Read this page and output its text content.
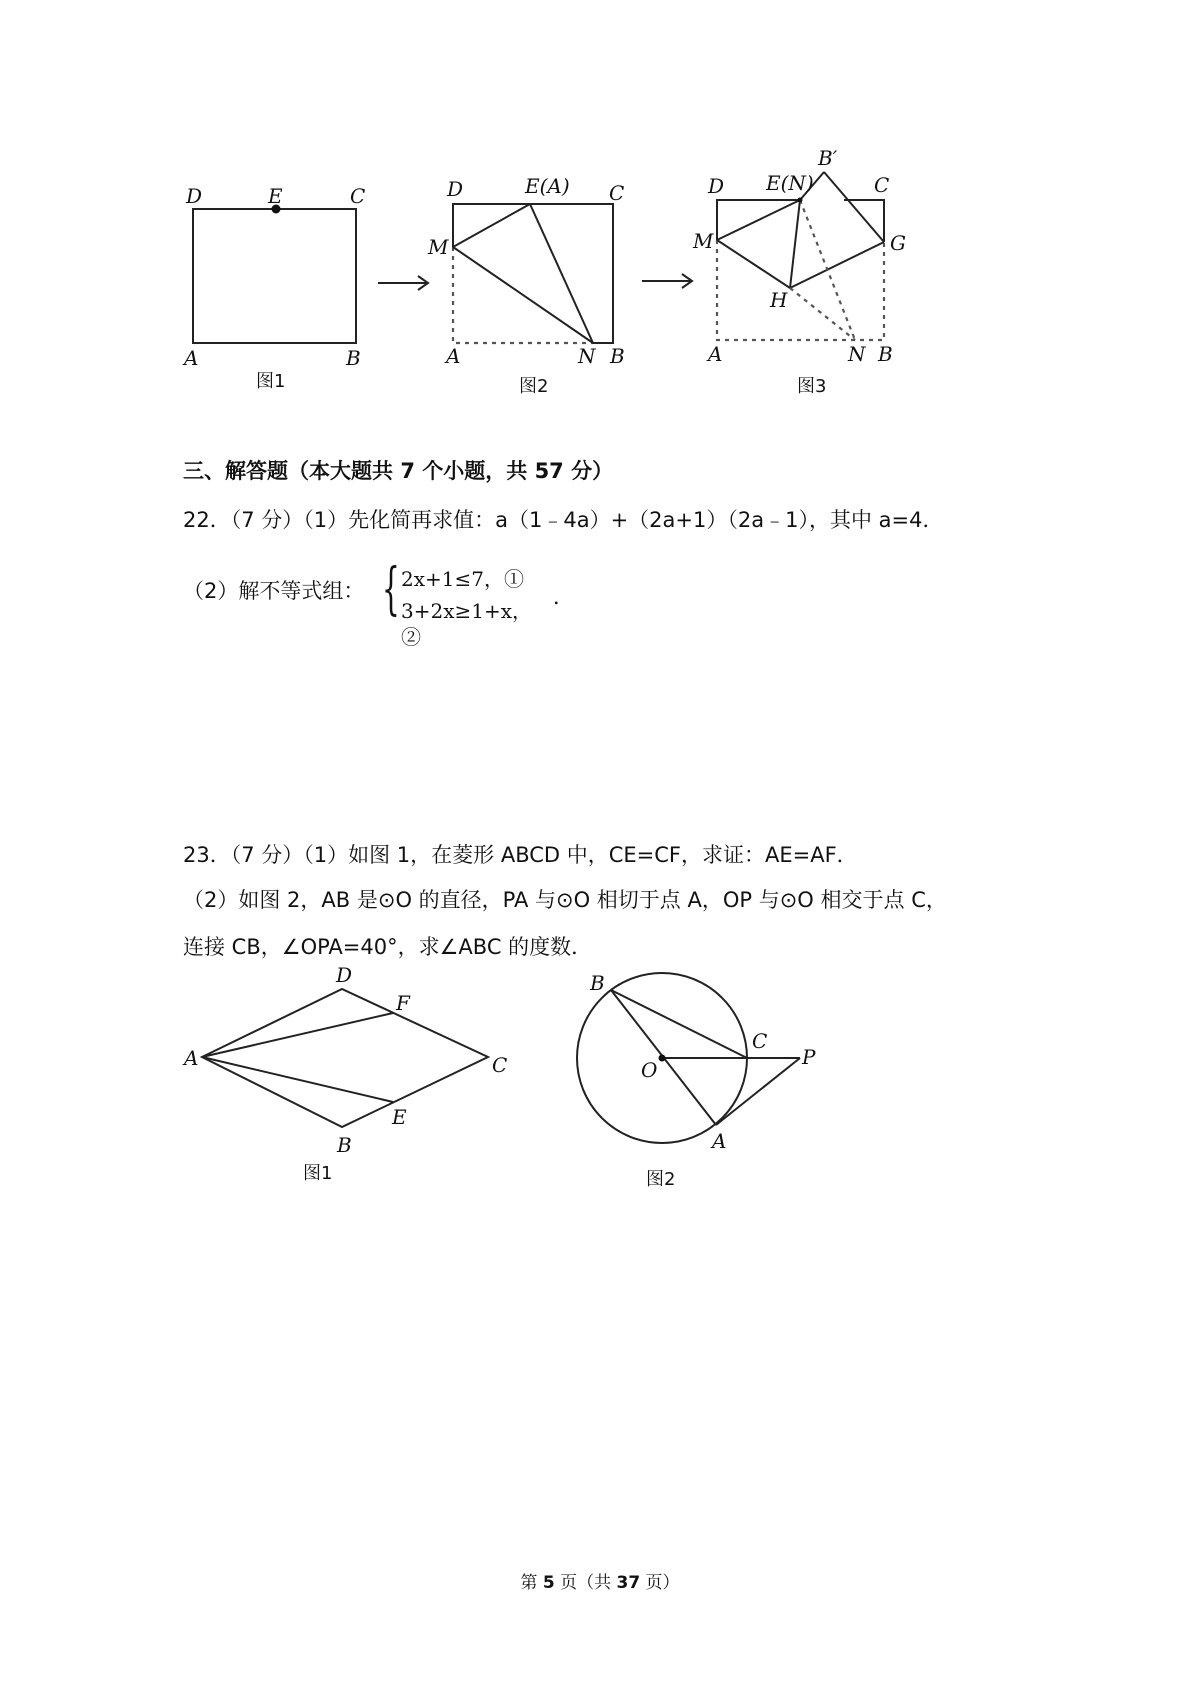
D	E	C
A	B
图1
D	E(A) C
M
A	N B
图2
B′
D E(N)	C
M	G
H
A	N B
图3
三、解答题（本大题共 7 个小题，共 57 分）
22．（7 分）（1）先化简再求值：a（1﹣4a）+（2a+1）（2a﹣1），其中 a=4．
（2）解不等式组： { 2x+1≤7，①
3+2x≥1+x，②
．
23．（7 分）（1）如图 1，在菱形 ABCD 中，CE=CF，求证：AE=AF．
（2）如图 2，AB 是⊙O 的直径，PA 与⊙O 相切于点 A，OP 与⊙O 相交于点 C，
连接 CB，∠OPA=40°，求∠ABC 的度数．
D
F
A	C
E
B
图1
B
C
O
P
A
图2
第 5 页（共 37 页）
